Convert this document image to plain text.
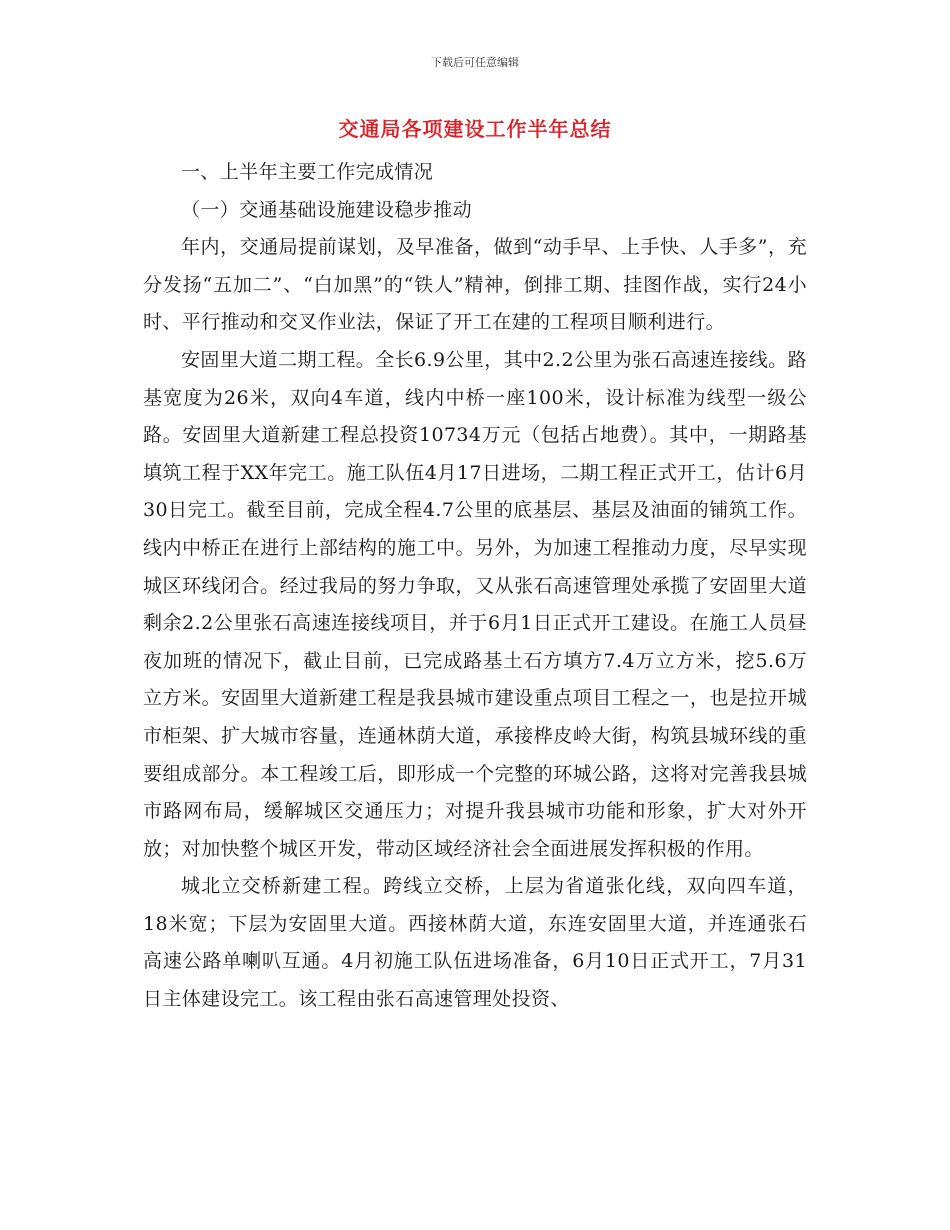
下载后可任意编辑
交通局各项建设工作半年总结

一、上半年主要工作完成情况

（一）交通基础设施建设稳步推动

年内，交通局提前谋划，及早准备，做到“动手早、上手快、人手多”，充分发扬“五加二”、“白加黑”的“铁人”精神，倒排工期、挂图作战，实行24小时、平行推动和交叉作业法，保证了开工在建的工程项目顺利进行。

安固里大道二期工程。全长6.9公里，其中2.2公里为张石高速连接线。路基宽度为26米，双向4车道，线内中桥一座100米，设计标准为线型一级公路。安固里大道新建工程总投资10734万元（包括占地费）。其中，一期路基填筑工程于XX年完工。施工队伍4月17日进场，二期工程正式开工，估计6月30日完工。截至目前，完成全程4.7公里的底基层、基层及油面的铺筑工作。线内中桥正在进行上部结构的施工中。另外，为加速工程推动力度，尽早实现城区环线闭合。经过我局的努力争取，又从张石高速管理处承揽了安固里大道剩余2.2公里张石高速连接线项目，并于6月1日正式开工建设。在施工人员昼夜加班的情况下，截止目前，已完成路基土石方填方7.4万立方米，挖5.6万立方米。安固里大道新建工程是我县城市建设重点项目工程之一，也是拉开城市柜架、扩大城市容量，连通林荫大道，承接桦皮岭大街，构筑县城环线的重要组成部分。本工程竣工后，即形成一个完整的环城公路，这将对完善我县城市路网布局，缓解城区交通压力；对提升我县城市功能和形象，扩大对外开放；对加快整个城区开发，带动区域经济社会全面进展发挥积极的作用。

城北立交桥新建工程。跨线立交桥，上层为省道张化线，双向四车道，18米宽；下层为安固里大道。西接林荫大道，东连安固里大道，并连通张石高速公路单喇叭互通。4月初施工队伍进场准备，6月10日正式开工，7月31日主体建设完工。该工程由张石高速管理处投资、
